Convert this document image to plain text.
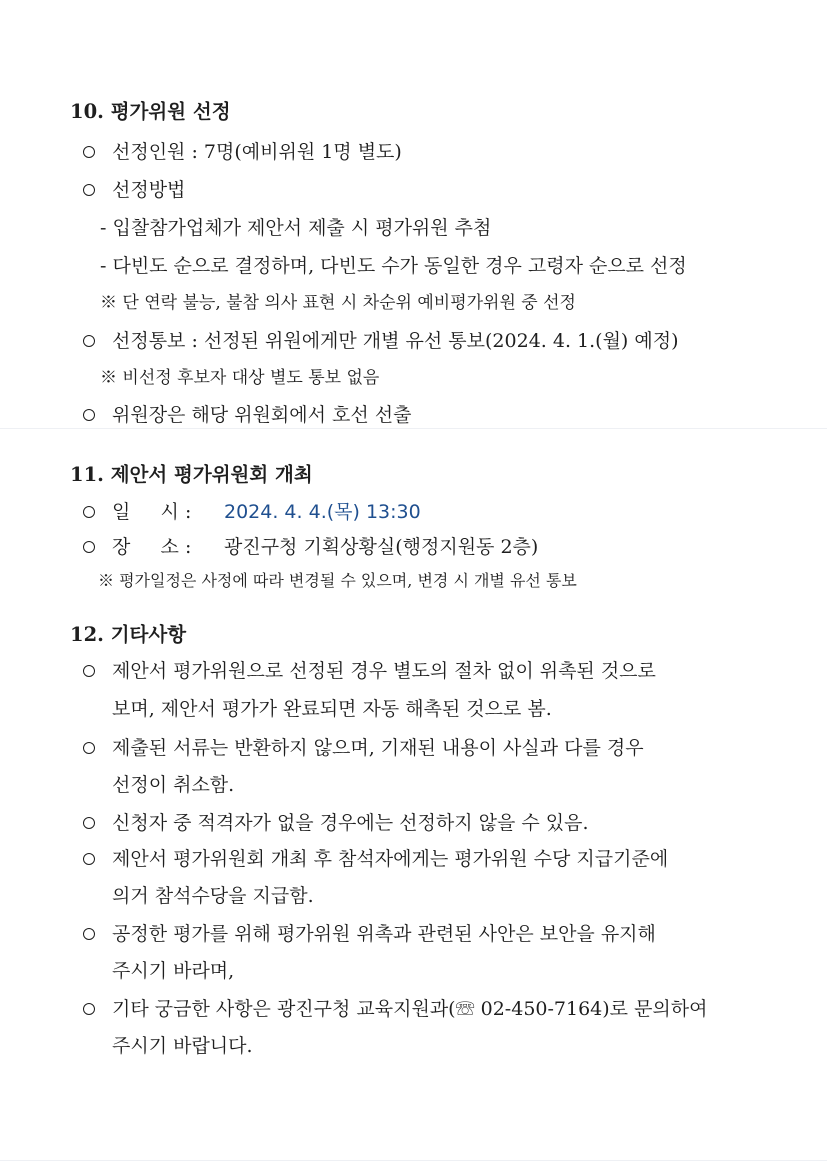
10. 평가위원 선정
선정인원 : 7명(예비위원 1명 별도)
선정방법
- 입찰참가업체가 제안서 제출 시 평가위원 추첨
- 다빈도 순으로 결정하며, 다빈도 수가 동일한 경우 고령자 순으로 선정
※ 단 연락 불능, 불참 의사 표현 시 차순위 예비평가위원 중 선정
선정통보 : 선정된 위원에게만 개별 유선 통보(2024. 4. 1.(월) 예정)
※ 비선정 후보자 대상 별도 통보 없음
위원장은 해당 위원회에서 호선 선출
11. 제안서 평가위원회 개최
일     시 : 2024. 4. 4.(목) 13:30
장     소 : 광진구청 기획상황실(행정지원동 2층)
※ 평가일정은 사정에 따라 변경될 수 있으며, 변경 시 개별 유선 통보
12. 기타사항
제안서 평가위원으로 선정된 경우 별도의 절차 없이 위촉된 것으로
보며, 제안서 평가가 완료되면 자동 해촉된 것으로 봄.
제출된 서류는 반환하지 않으며, 기재된 내용이 사실과 다를 경우
선정이 취소함.
신청자 중 적격자가 없을 경우에는 선정하지 않을 수 있음.
제안서 평가위원회 개최 후 참석자에게는 평가위원 수당 지급기준에
의거 참석수당을 지급함.
공정한 평가를 위해 평가위원 위촉과 관련된 사안은 보안을 유지해
주시기 바라며,
기타 궁금한 사항은 광진구청 교육지원과(☏ 02-450-7164)로 문의하여
주시기 바랍니다.
